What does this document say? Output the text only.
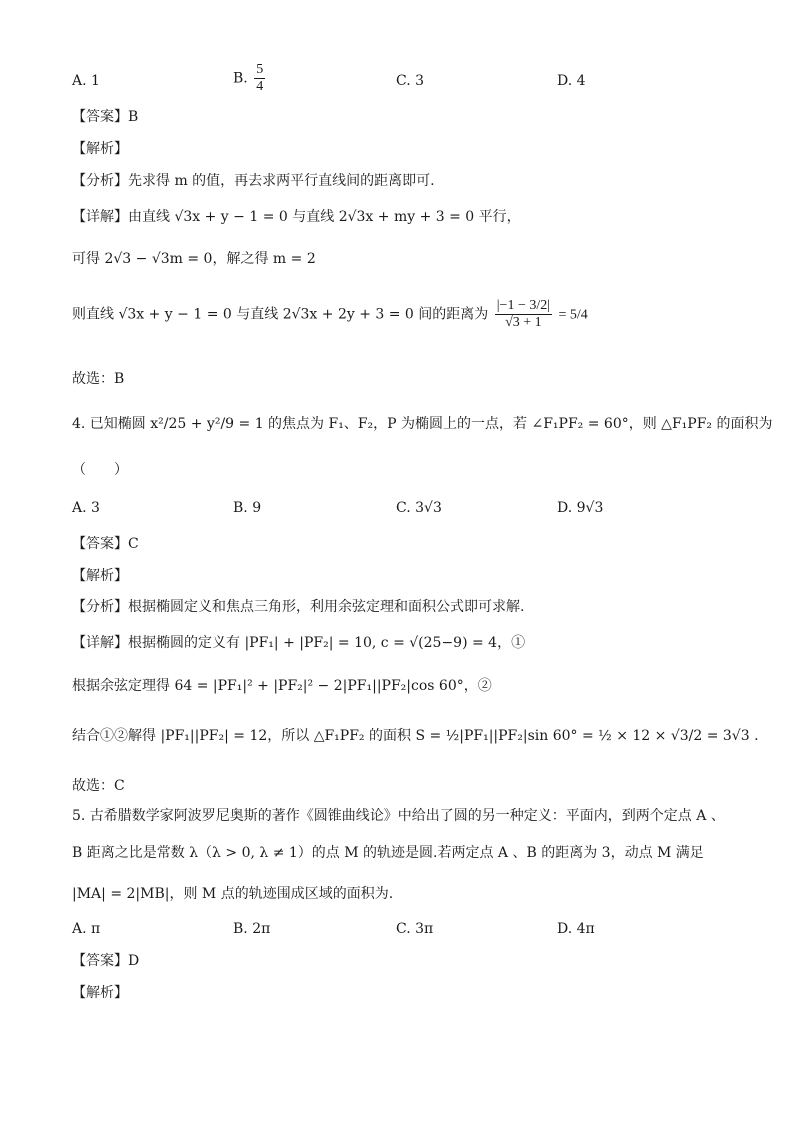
A. 1	B. $\frac{5}{4}$	C. 3	D. 4
【答案】B
【解析】
【分析】先求得 m 的值，再去求两平行直线间的距离即可.
【详解】由直线 √3x + y − 1 = 0 与直线 2√3x + my + 3 = 0 平行，
可得 2√3 − √3m = 0，解之得 m = 2
则直线 √3x + y − 1 = 0 与直线 2√3x + 2y + 3 = 0 间的距离为 $\frac{|-1 - 3/2|}{√3 + 1} = 5/4$
故选：B
4. 已知椭圆 x²/25 + y²/9 = 1 的焦点为 F₁、F₂，P 为椭圆上的一点，若 ∠F₁PF₂ = 60°，则 △F₁PF₂ 的面积为
（　　）
A. 3	B. 9	C. 3√3	D. 9√3
【答案】C
【解析】
【分析】根据椭圆定义和焦点三角形，利用余弦定理和面积公式即可求解.
【详解】根据椭圆的定义有 |PF₁| + |PF₂| = 10, c = √(25−9) = 4，①
根据余弦定理得 64 = |PF₁|² + |PF₂|² − 2|PF₁||PF₂|cos 60°，②
结合①②解得 |PF₁||PF₂| = 12，所以 △F₁PF₂ 的面积 S = ½|PF₁||PF₂|sin 60° = ½ × 12 × √3/2 = 3√3 .
故选：C
5. 古希腊数学家阿波罗尼奥斯的著作《圆锥曲线论》中给出了圆的另一种定义：平面内，到两个定点 A 、
B 距离之比是常数 λ（λ > 0, λ ≠ 1）的点 M 的轨迹是圆.若两定点 A 、B 的距离为 3，动点 M 满足
|MA| = 2|MB|，则 M 点的轨迹围成区域的面积为.
A. π	B. 2π	C. 3π	D. 4π
【答案】D
【解析】
